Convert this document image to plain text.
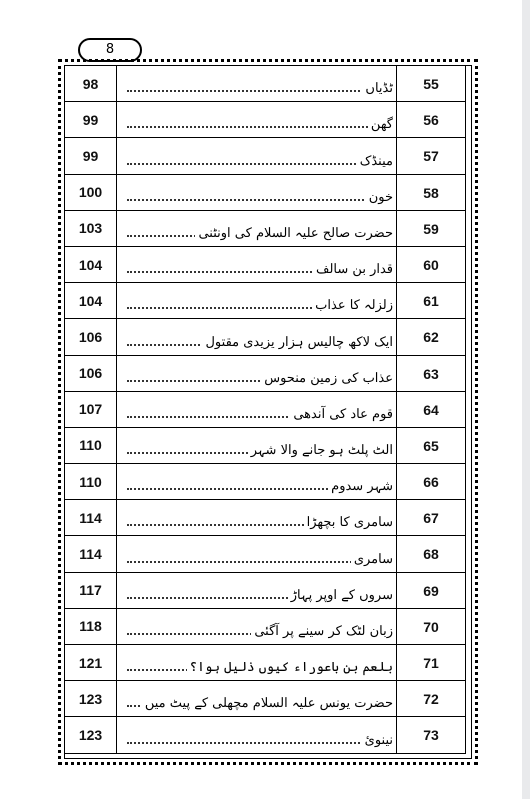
8
98	ٹڈیاں 55

99	گھن 56

99	مینڈک 57

100	خون 58

103	حضرت صالح علیہ السلام کی اونٹنی 59

104	قدار بن سالف 60

104	زلزلہ کا عذاب 61

106	ایک لاکھ چالیس ہزار یزیدی مقتول 62

106	عذاب کی زمین منحوس 63

107	قوم عاد کی آندھی 64

110	الٹ پلٹ ہو جانے والا شہر 65

110	شہر سدوم 66

114	سامری کا بچھڑا 67

114	سامری 68

117	سروں کے اوپر پہاڑ 69

118	زبان لٹک کر سینے پر آگئی 70

121	بلعم بن باعوراء کیوں ذلیل ہوا؟ 71

123	حضرت یونس علیہ السلام مچھلی کے پیٹ میں 72

123	نینوئ 73
